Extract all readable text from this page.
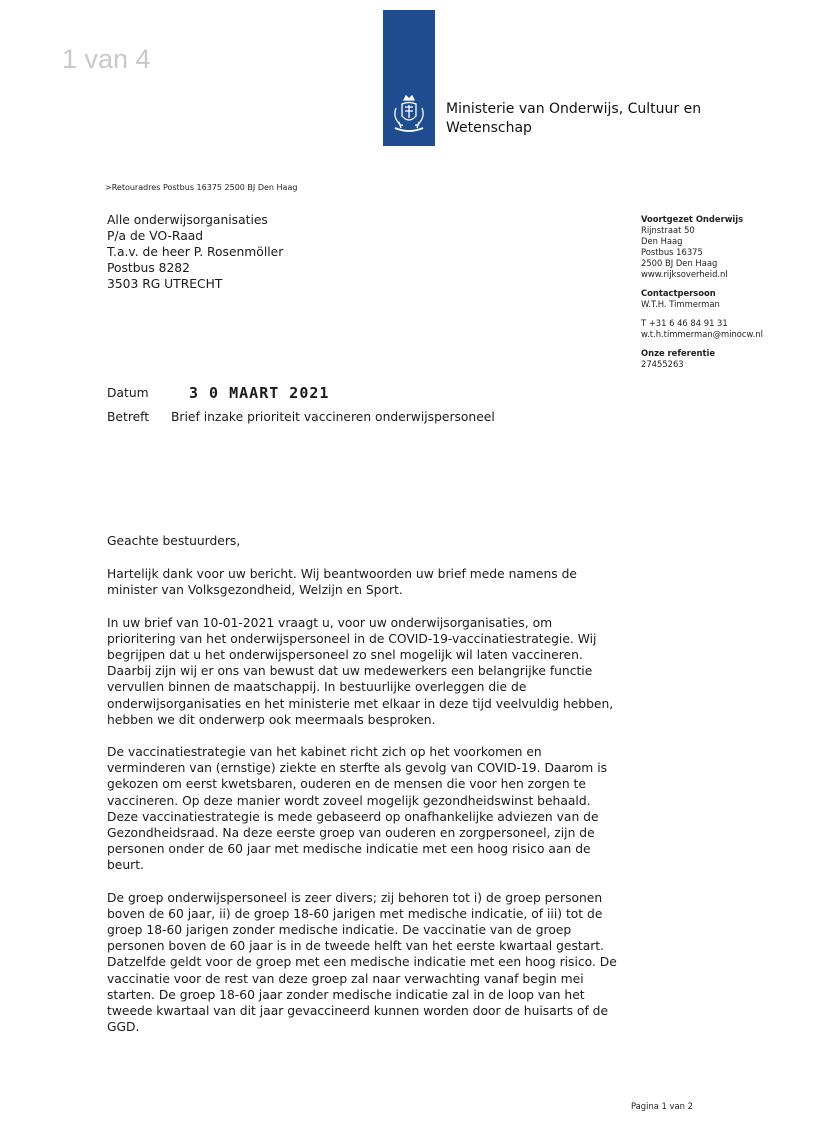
1 van 4
Ministerie van Onderwijs, Cultuur en
Wetenschap
>Retouradres Postbus 16375 2500 BJ Den Haag
Alle onderwijsorganisaties
P/a de VO-Raad
T.a.v. de heer P. Rosenmöller
Postbus 8282
3503 RG UTRECHT
Voortgezet Onderwijs
Rijnstraat 50
Den Haag
Postbus 16375
2500 BJ Den Haag
www.rijksoverheid.nl
Contactpersoon
W.T.H. Timmerman
T +31 6 46 84 91 31
w.t.h.timmerman@minocw.nl
Onze referentie
27455263
Datum	3 0 MAART 2021
Betreft Brief inzake prioriteit vaccineren onderwijspersoneel

Geachte bestuurders,

Hartelijk dank voor uw bericht. Wij beantwoorden uw brief mede namens de
minister van Volksgezondheid, Welzijn en Sport.

In uw brief van 10-01-2021 vraagt u, voor uw onderwijsorganisaties, om
prioritering van het onderwijspersoneel in de COVID-19-vaccinatiestrategie. Wij
begrijpen dat u het onderwijspersoneel zo snel mogelijk wil laten vaccineren.
Daarbij zijn wij er ons van bewust dat uw medewerkers een belangrijke functie
vervullen binnen de maatschappij. In bestuurlijke overleggen die de
onderwijsorganisaties en het ministerie met elkaar in deze tijd veelvuldig hebben,
hebben we dit onderwerp ook meermaals besproken.

De vaccinatiestrategie van het kabinet richt zich op het voorkomen en
verminderen van (ernstige) ziekte en sterfte als gevolg van COVID-19. Daarom is
gekozen om eerst kwetsbaren, ouderen en de mensen die voor hen zorgen te
vaccineren. Op deze manier wordt zoveel mogelijk gezondheidswinst behaald.
Deze vaccinatiestrategie is mede gebaseerd op onafhankelijke adviezen van de
Gezondheidsraad. Na deze eerste groep van ouderen en zorgpersoneel, zijn de
personen onder de 60 jaar met medische indicatie met een hoog risico aan de
beurt.

De groep onderwijspersoneel is zeer divers; zij behoren tot i) de groep personen
boven de 60 jaar, ii) de groep 18-60 jarigen met medische indicatie, of iii) tot de
groep 18-60 jarigen zonder medische indicatie. De vaccinatie van de groep
personen boven de 60 jaar is in de tweede helft van het eerste kwartaal gestart.
Datzelfde geldt voor de groep met een medische indicatie met een hoog risico. De
vaccinatie voor de rest van deze groep zal naar verwachting vanaf begin mei
starten. De groep 18-60 jaar zonder medische indicatie zal in de loop van het
tweede kwartaal van dit jaar gevaccineerd kunnen worden door de huisarts of de
GGD.

Pagina 1 van 2
